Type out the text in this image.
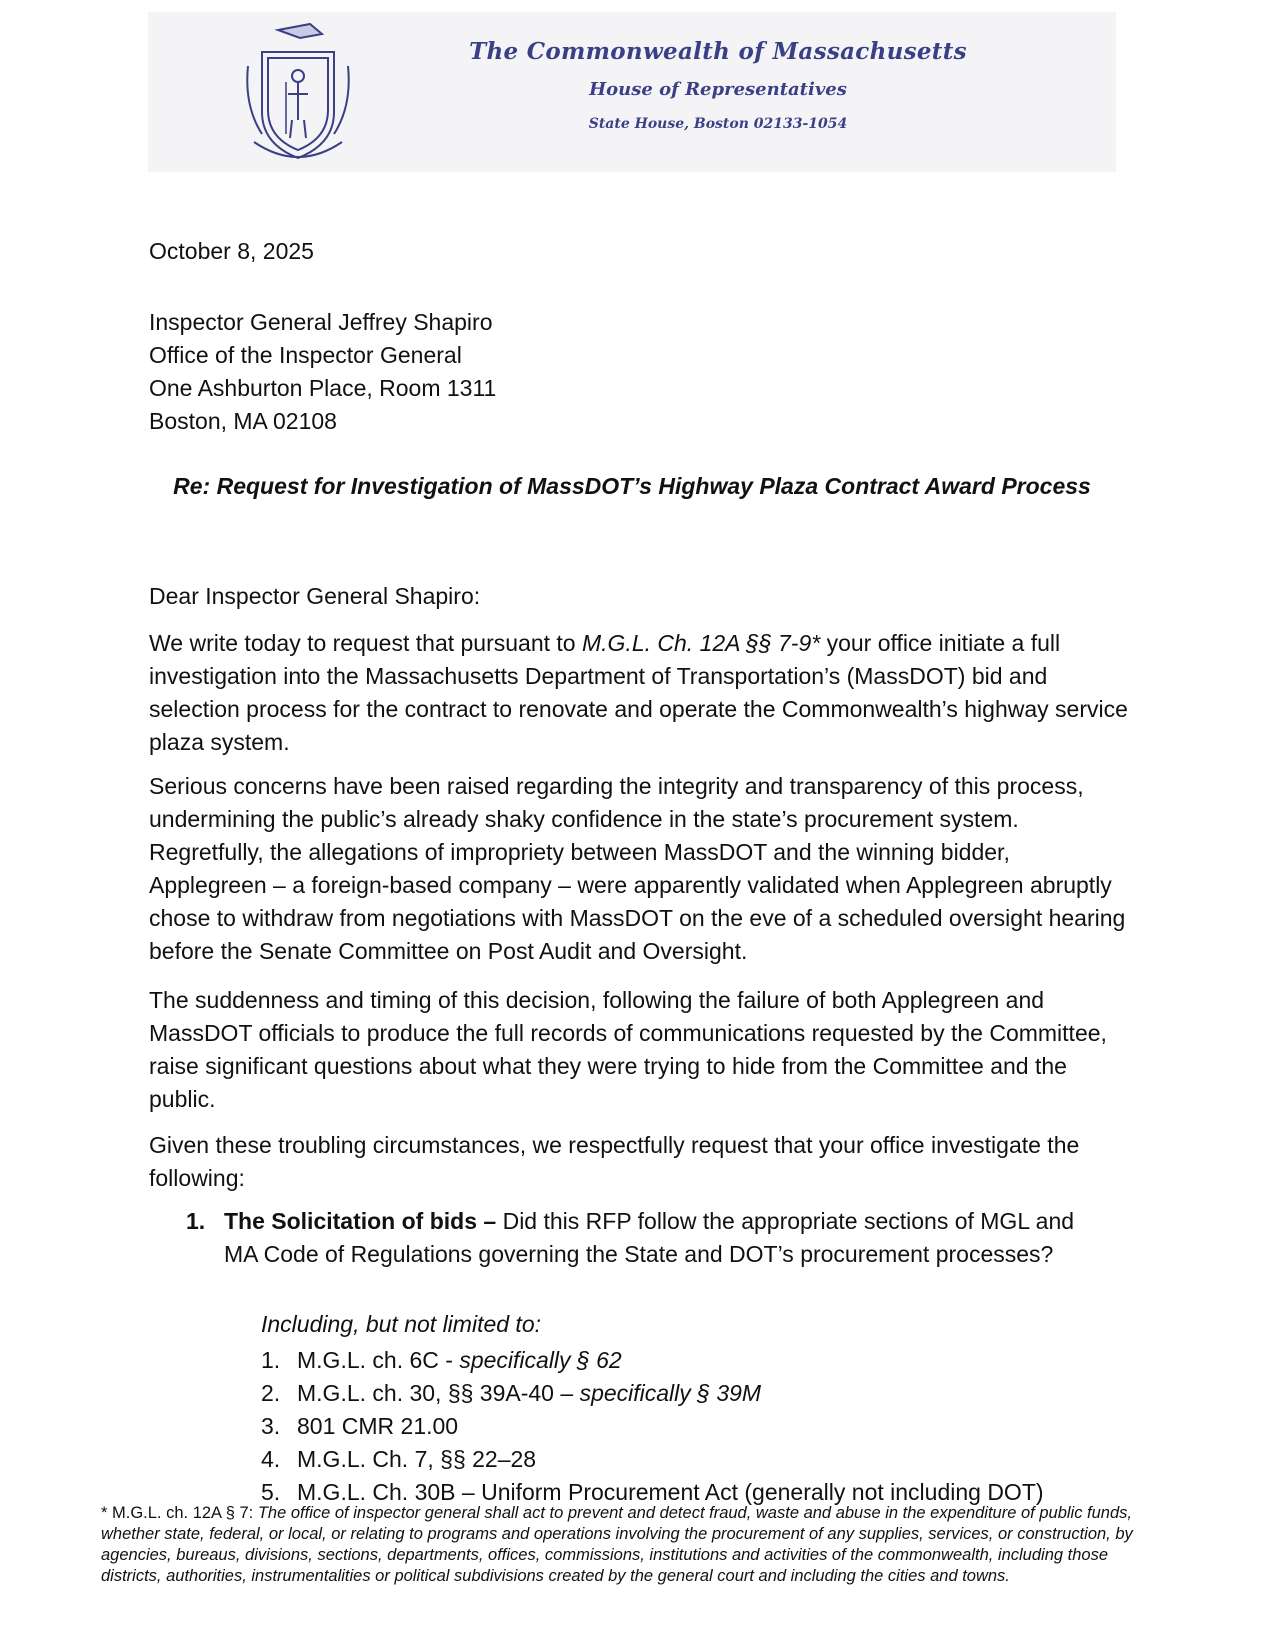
The Commonwealth of Massachusetts
House of Representatives
State House, Boston 02133-1054
October 8, 2025
Inspector General Jeffrey Shapiro
Office of the Inspector General
One Ashburton Place, Room 1311
Boston, MA 02108
Re: Request for Investigation of MassDOT’s Highway Plaza Contract Award Process
Dear Inspector General Shapiro:

We write today to request that pursuant to M.G.L. Ch. 12A §§ 7-9* your office initiate a full investigation into the Massachusetts Department of Transportation’s (MassDOT) bid and selection process for the contract to renovate and operate the Commonwealth’s highway service plaza system.

Serious concerns have been raised regarding the integrity and transparency of this process, undermining the public’s already shaky confidence in the state’s procurement system. Regretfully, the allegations of impropriety between MassDOT and the winning bidder, Applegreen – a foreign-based company – were apparently validated when Applegreen abruptly chose to withdraw from negotiations with MassDOT on the eve of a scheduled oversight hearing before the Senate Committee on Post Audit and Oversight.

The suddenness and timing of this decision, following the failure of both Applegreen and MassDOT officials to produce the full records of communications requested by the Committee, raise significant questions about what they were trying to hide from the Committee and the public.

Given these troubling circumstances, we respectfully request that your office investigate the following:

1. The Solicitation of bids – Did this RFP follow the appropriate sections of MGL and MA Code of Regulations governing the State and DOT’s procurement processes?
Including, but not limited to:
1. M.G.L. ch. 6C - specifically § 62
2. M.G.L. ch. 30, §§ 39A-40 – specifically § 39M
3. 801 CMR 21.00
4. M.G.L. Ch. 7, §§ 22–28
5. M.G.L. Ch. 30B – Uniform Procurement Act (generally not including DOT)
* M.G.L. ch. 12A § 7: The office of inspector general shall act to prevent and detect fraud, waste and abuse in the expenditure of public funds, whether state, federal, or local, or relating to programs and operations involving the procurement of any supplies, services, or construction, by agencies, bureaus, divisions, sections, departments, offices, commissions, institutions and activities of the commonwealth, including those districts, authorities, instrumentalities or political subdivisions created by the general court and including the cities and towns.
